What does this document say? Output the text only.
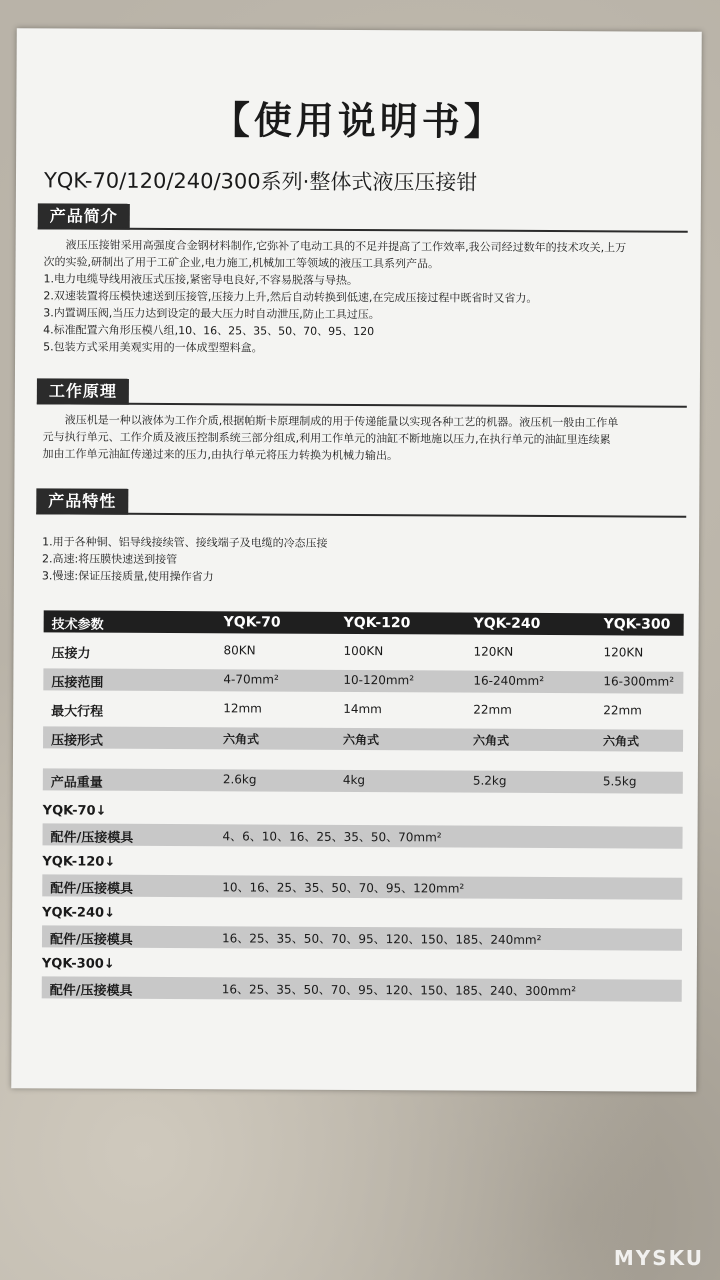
【使用说明书】
YQK-70/120/240/300系列·整体式液压压接钳
产品简介

液压压接钳采用高强度合金钢材料制作,它弥补了电动工具的不足并提高了工作效率,我公司经过数年的技术攻关,上万

次的实验,研制出了用于工矿企业,电力施工,机械加工等领域的液压工具系列产品。

1.电力电缆导线用液压式压接,紧密导电良好,不容易脱落与导热。

2.双速装置将压模快速送到压接管,压接力上升,然后自动转换到低速,在完成压接过程中既省时又省力。

3.内置调压阀,当压力达到设定的最大压力时自动泄压,防止工具过压。

4.标准配置六角形压模八组,10、16、25、35、50、70、95、120

5.包装方式采用美观实用的一体成型塑料盒。

工作原理

液压机是一种以液体为工作介质,根据帕斯卡原理制成的用于传递能量以实现各种工艺的机器。液压机一般由工作单

元与执行单元、工作介质及液压控制系统三部分组成,利用工作单元的油缸不断地施以压力,在执行单元的油缸里连续累

加由工作单元油缸传递过来的压力,由执行单元将压力转换为机械力输出。

产品特性

1.用于各种铜、铝导线接续管、接线端子及电缆的冷态压接

2.高速:将压膜快速送到接管

3.慢速:保证压接质量,使用操作省力

技术参数	YQK-70	YQK-120	YQK-240	YQK-300
压接力	80KN	100KN	120KN	120KN
压接范围	4-70mm²	10-120mm²	16-240mm²	16-300mm²
最大行程	12mm	14mm	22mm	22mm
压接形式	六角式	六角式	六角式	六角式
产品重量	2.6kg	4kg	5.2kg	5.5kg
YQK-70↓
配件/压接模具	4、6、10、16、25、35、50、70mm²
YQK-120↓
配件/压接模具	10、16、25、35、50、70、95、120mm²
YQK-240↓
配件/压接模具	16、25、35、50、70、95、120、150、185、240mm²
YQK-300↓
配件/压接模具	16、25、35、50、70、95、120、150、185、240、300mm²
MYSKU
